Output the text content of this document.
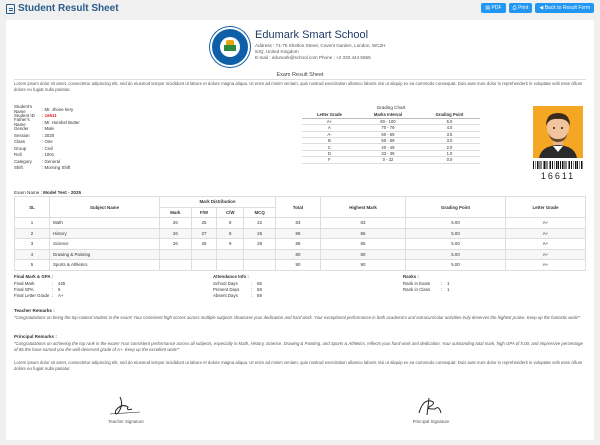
Student Result Sheet	▤ PDF ⎙ Print ◀ Back to Result Form
Edumark Smart School
Address : 71-75 Shelton Street, Covent Garden, London, WC2H 9JQ, United Kingdom
E-mail : edumark@school.com Phone : +2 333 444 5555
Exam Result Sheet
Lorem ipsum dolor sit amet, consectetur adipiscing elit, sed do eiusmod tempor incididunt ut labore et dolore magna aliqua. Ut enim ad minim veniam, quis nostrud exercitation ullamco laboris nisi ut aliquip ex ea commodo consequat. Duis aute irure dolor in reprehenderit in voluptate velit esse cillum dolore eu fugiat nulla pariatur.
Student's Name	: Mr. Jhone kery
Student ID	: 16611
Father's Name	: Mr. Humbel Butter
Gender	: Male
Session	: 2020
Class	: One
Group	: Civil
Roll	: 1001
Category	: General
Shift	: Morning Shift
Grading Chart
Letter Grade	Marks Interval	Grading Point
A+	80 - 100	5.0
A	70 - 79	4.0
A-	60 - 69	3.5
B	50 - 59	3.0
C	40 - 49	2.0
D	33 - 39	1.0
F	0 - 32	0.0
16611
Exam Name : Model Test - 2025
SL	Subject Name	Mark Distribution				Total	Highest Mark	Grading Point	Letter Grade
		Mark	F/W	C/W	MCQ				
1	Math	26	25	8	22	83	83	5.00	A+
2	History	26	27	8	25	86	86	5.00	A+
3	Science	26	25	9	28	88	85	5.00	A+
4	Drawing & Painting					80	80	5.00	A+
5	Sports & Athletics					90	90	5.00	A+
Final Mark & GPA :
Final Mark	:	425
Final GPA	:	5
Final Letter Grade :	A+
Attendance Info :
School Days	:	65
Present Days	:	59
Absent Days	:	59
Ranks :
Rank in Exam	:	1
Rank in Class	:	1
Teacher Remarks :
"Congratulations on being the top-ranked student in the exam! Your consistent high scores across multiple subjects showcase your dedication and hard work. Your exceptional performance in both academics and extracurricular activities truly deserves the highest praise. Keep up the fantastic work!"
Principal Remarks :
"Congratulations on achieving the top rank in the exam! Your consistent performance across all subjects, especially in Math, History, Science, Drawing & Painting, and Sports & Athletics, reflects your hard work and dedication. Your outstanding total mark, high GPA of 5.00, and impressive percentage of 85.8% have earned you the well-deserved grade of A+. Keep up the excellent work!"
Lorem ipsum dolor sit amet, consectetur adipiscing elit, sed do eiusmod tempor incididunt ut labore et dolore magna aliqua. Ut enim ad minim veniam, quis nostrud exercitation ullamco laboris nisi ut aliquip ex ea commodo consequat. Duis aute irure dolor in reprehenderit in voluptate velit esse cillum dolore eu fugiat nulla pariatur.
Teacher Signature	Principal Signature
